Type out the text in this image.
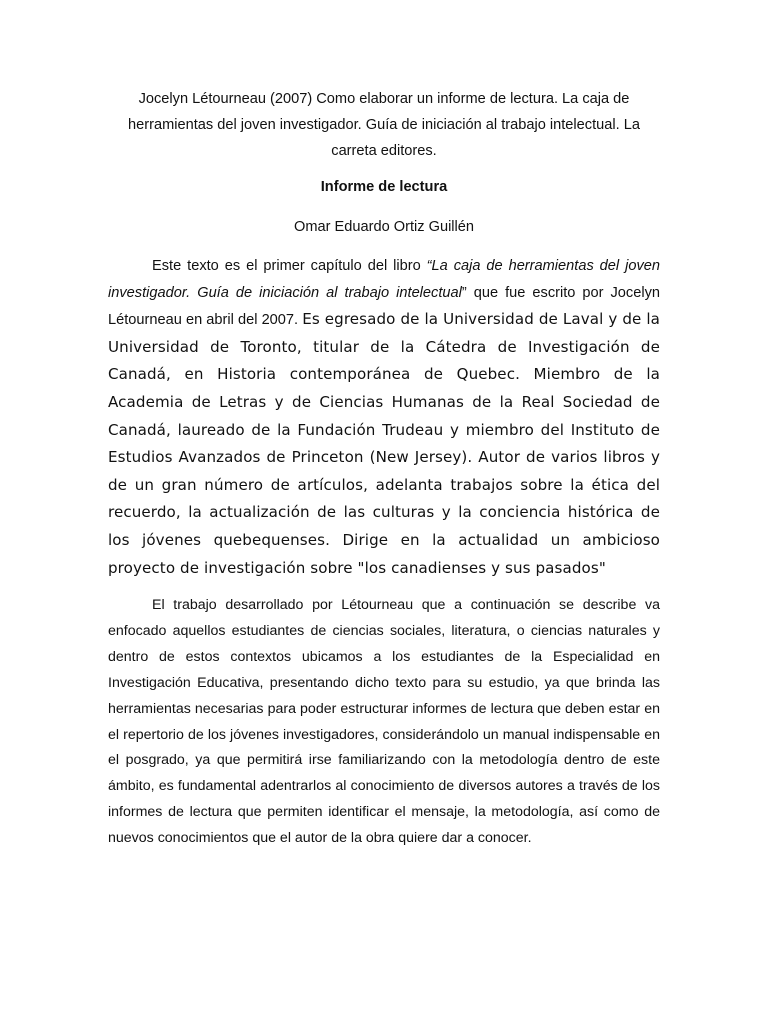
Jocelyn Létourneau (2007) Como elaborar un informe de lectura. La caja de herramientas del joven investigador. Guía de iniciación al trabajo intelectual. La carreta editores.

Informe de lectura

Omar Eduardo Ortiz Guillén

Este texto es el primer capítulo del libro “La caja de herramientas del joven investigador. Guía de iniciación al trabajo intelectual” que fue escrito por Jocelyn Létourneau en abril del 2007. Es egresado de la Universidad de Laval y de la Universidad de Toronto, titular de la Cátedra de Investigación de Canadá, en Historia contemporánea de Quebec. Miembro de la Academia de Letras y de Ciencias Humanas de la Real Sociedad de Canadá, laureado de la Fundación Trudeau y miembro del Instituto de Estudios Avanzados de Princeton (New Jersey). Autor de varios libros y de un gran número de artículos, adelanta trabajos sobre la ética del recuerdo, la actualización de las culturas y la conciencia histórica de los jóvenes quebequenses. Dirige en la actualidad un ambicioso proyecto de investigación sobre "los canadienses y sus pasados"

El trabajo desarrollado por Létourneau que a continuación se describe va enfocado aquellos estudiantes de ciencias sociales, literatura, o ciencias naturales y dentro de estos contextos ubicamos a los estudiantes de la Especialidad en Investigación Educativa, presentando dicho texto para su estudio, ya que brinda las herramientas necesarias para poder estructurar informes de lectura que deben estar en el repertorio de los jóvenes investigadores, considerándolo un manual indispensable en el posgrado, ya que permitirá irse familiarizando con la metodología dentro de este ámbito, es fundamental adentrarlos al conocimiento de diversos autores a través de los informes de lectura que permiten identificar el mensaje, la metodología, así como de nuevos conocimientos que el autor de la obra quiere dar a conocer.
